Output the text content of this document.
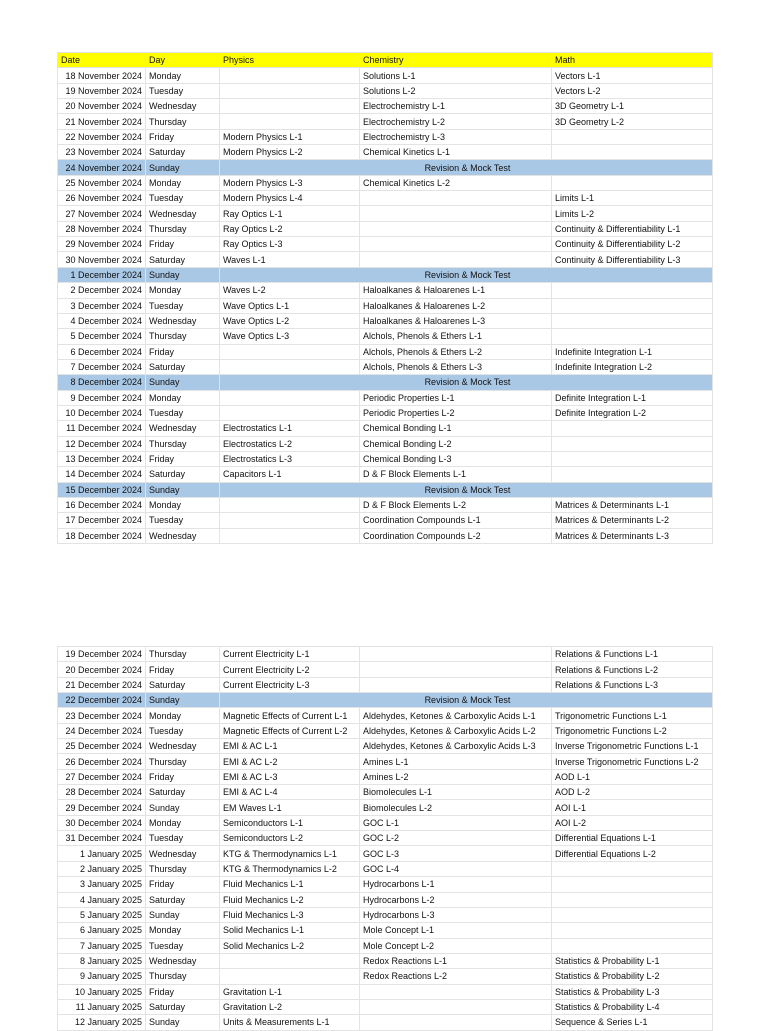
Date	Day	Physics	Chemistry	Math
18 November 2024	Monday		Solutions L-1	Vectors L-1
19 November 2024	Tuesday		Solutions L-2	Vectors L-2
20 November 2024	Wednesday		Electrochemistry L-1	3D Geometry L-1
21 November 2024	Thursday		Electrochemistry L-2	3D Geometry L-2
22 November 2024	Friday	Modern Physics L-1	Electrochemistry L-3	
23 November 2024	Saturday	Modern Physics L-2	Chemical Kinetics L-1	
24 November 2024	Sunday	Revision & Mock Test		
25 November 2024	Monday	Modern Physics L-3	Chemical Kinetics L-2	
26 November 2024	Tuesday	Modern Physics L-4		Limits L-1
27 November 2024	Wednesday	Ray Optics L-1		Limits L-2
28 November 2024	Thursday	Ray Optics L-2		Continuity & Differentiability L-1
29 November 2024	Friday	Ray Optics L-3		Continuity & Differentiability L-2
30 November 2024	Saturday	Waves L-1		Continuity & Differentiability L-3
1 December 2024	Sunday	Revision & Mock Test		
2 December 2024	Monday	Waves L-2	Haloalkanes & Haloarenes L-1	
3 December 2024	Tuesday	Wave Optics L-1	Haloalkanes & Haloarenes L-2	
4 December 2024	Wednesday	Wave Optics L-2	Haloalkanes & Haloarenes L-3	
5 December 2024	Thursday	Wave Optics L-3	Alchols, Phenols & Ethers L-1	
6 December 2024	Friday		Alchols, Phenols & Ethers L-2	Indefinite Integration L-1
7 December 2024	Saturday		Alchols, Phenols & Ethers L-3	Indefinite Integration L-2
8 December 2024	Sunday	Revision & Mock Test		
9 December 2024	Monday		Periodic Properties L-1	Definite Integration L-1
10 December 2024	Tuesday		Periodic Properties L-2	Definite Integration L-2
11 December 2024	Wednesday	Electrostatics L-1	Chemical Bonding L-1	
12 December 2024	Thursday	Electrostatics L-2	Chemical Bonding L-2	
13 December 2024	Friday	Electrostatics L-3	Chemical Bonding L-3	
14 December 2024	Saturday	Capacitors L-1	D & F Block Elements L-1	
15 December 2024	Sunday	Revision & Mock Test		
16 December 2024	Monday		D & F Block Elements L-2	Matrices & Determinants L-1
17 December 2024	Tuesday		Coordination Compounds L-1	Matrices & Determinants L-2
18 December 2024	Wednesday		Coordination Compounds L-2	Matrices & Determinants L-3
19 December 2024	Thursday	Current Electricity L-1		Relations & Functions L-1
20 December 2024	Friday	Current Electricity L-2		Relations & Functions L-2
21 December 2024	Saturday	Current Electricity L-3		Relations & Functions L-3
22 December 2024	Sunday	Revision & Mock Test		
23 December 2024	Monday	Magnetic Effects of Current L-1	Aldehydes, Ketones & Carboxylic Acids L-1	Trigonometric Functions L-1
24 December 2024	Tuesday	Magnetic Effects of Current L-2	Aldehydes, Ketones & Carboxylic Acids L-2	Trigonometric Functions L-2
25 December 2024	Wednesday	EMI & AC L-1	Aldehydes, Ketones & Carboxylic Acids L-3	Inverse Trigonometric Functions L-1
26 December 2024	Thursday	EMI & AC L-2	Amines L-1	Inverse Trigonometric Functions L-2
27 December 2024	Friday	EMI & AC L-3	Amines L-2	AOD L-1
28 December 2024	Saturday	EMI & AC L-4	Biomolecules L-1	AOD L-2
29 December 2024	Sunday	EM Waves L-1	Biomolecules L-2	AOI L-1
30 December 2024	Monday	Semiconductors L-1	GOC L-1	AOI L-2
31 December 2024	Tuesday	Semiconductors L-2	GOC L-2	Differential Equations L-1
1 January 2025	Wednesday	KTG & Thermodynamics L-1	GOC L-3	Differential Equations L-2
2 January 2025	Thursday	KTG & Thermodynamics L-2	GOC L-4	
3 January 2025	Friday	Fluid Mechanics L-1	Hydrocarbons L-1	
4 January 2025	Saturday	Fluid Mechanics L-2	Hydrocarbons L-2	
5 January 2025	Sunday	Fluid Mechanics L-3	Hydrocarbons L-3	
6 January 2025	Monday	Solid Mechanics L-1	Mole Concept L-1	
7 January 2025	Tuesday	Solid Mechanics L-2	Mole Concept L-2	
8 January 2025	Wednesday		Redox Reactions L-1	Statistics & Probability L-1
9 January 2025	Thursday		Redox Reactions L-2	Statistics & Probability L-2
10 January 2025	Friday	Gravitation L-1		Statistics & Probability L-3
11 January 2025	Saturday	Gravitation L-2		Statistics & Probability L-4
12 January 2025	Sunday	Units & Measurements L-1		Sequence & Series L-1
